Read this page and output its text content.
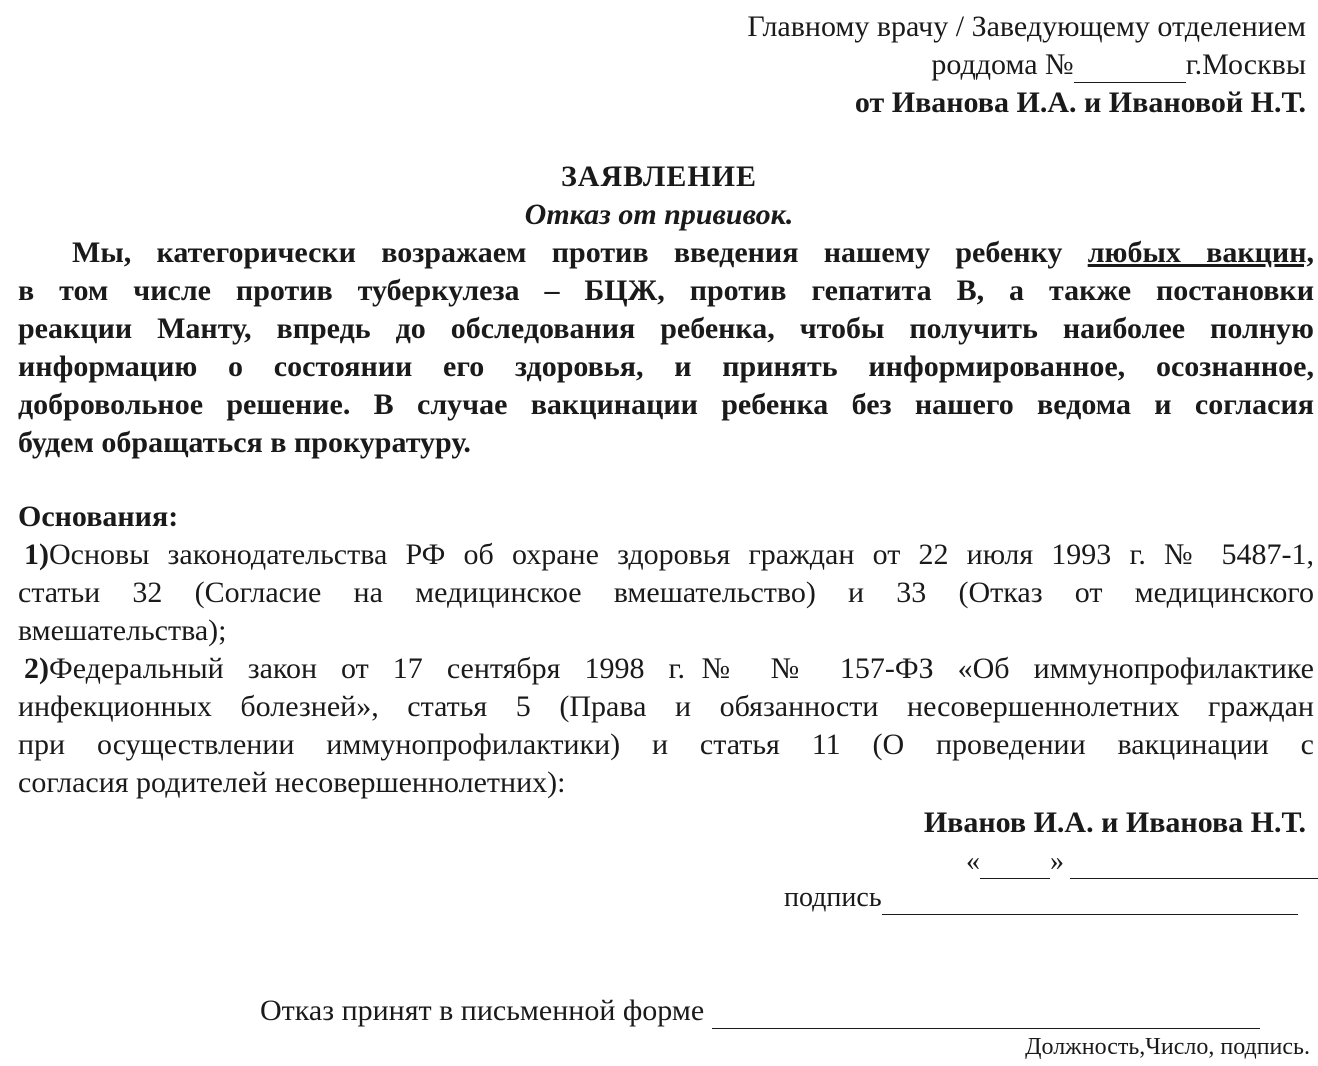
Главному врачу / Заведующему отделением
роддома №	г.Москвы
от Иванова И.А. и Ивановой Н.Т.
ЗАЯВЛЕНИЕ
Отказ от прививок.
Мы, категорически возражаем против введения нашему ребенку любых вакцин,
в том числе против туберкулеза – БЦЖ, против гепатита В, а также постановки
реакции Манту, впредь до обследования ребенка, чтобы получить наиболее полную
информацию о состоянии его здоровья, и принять информированное, осознанное,
добровольное решение. В случае вакцинации ребенка без нашего ведома и согласия
будем обращаться в прокуратуру.
Основания:
1)Основы законодательства РФ об охране здоровья граждан от 22 июля 1993 г. № 5487-1,
статьи 32 (Согласие на медицинское вмешательство) и 33 (Отказ от медицинского
вмешательства);
2)Федеральный закон от 17 сентября 1998 г.№ № 157-ФЗ «Об иммунопрофилактике
инфекционных болезней», статья 5 (Права и обязанности несовершеннолетних граждан
при осуществлении иммунопрофилактики) и статья 11 (О проведении вакцинации с
согласия родителей несовершеннолетних):
Иванов И.А. и Иванова Н.Т.
«	»
подпись
Отказ принят в письменной форме
Должность,Число, подпись.
